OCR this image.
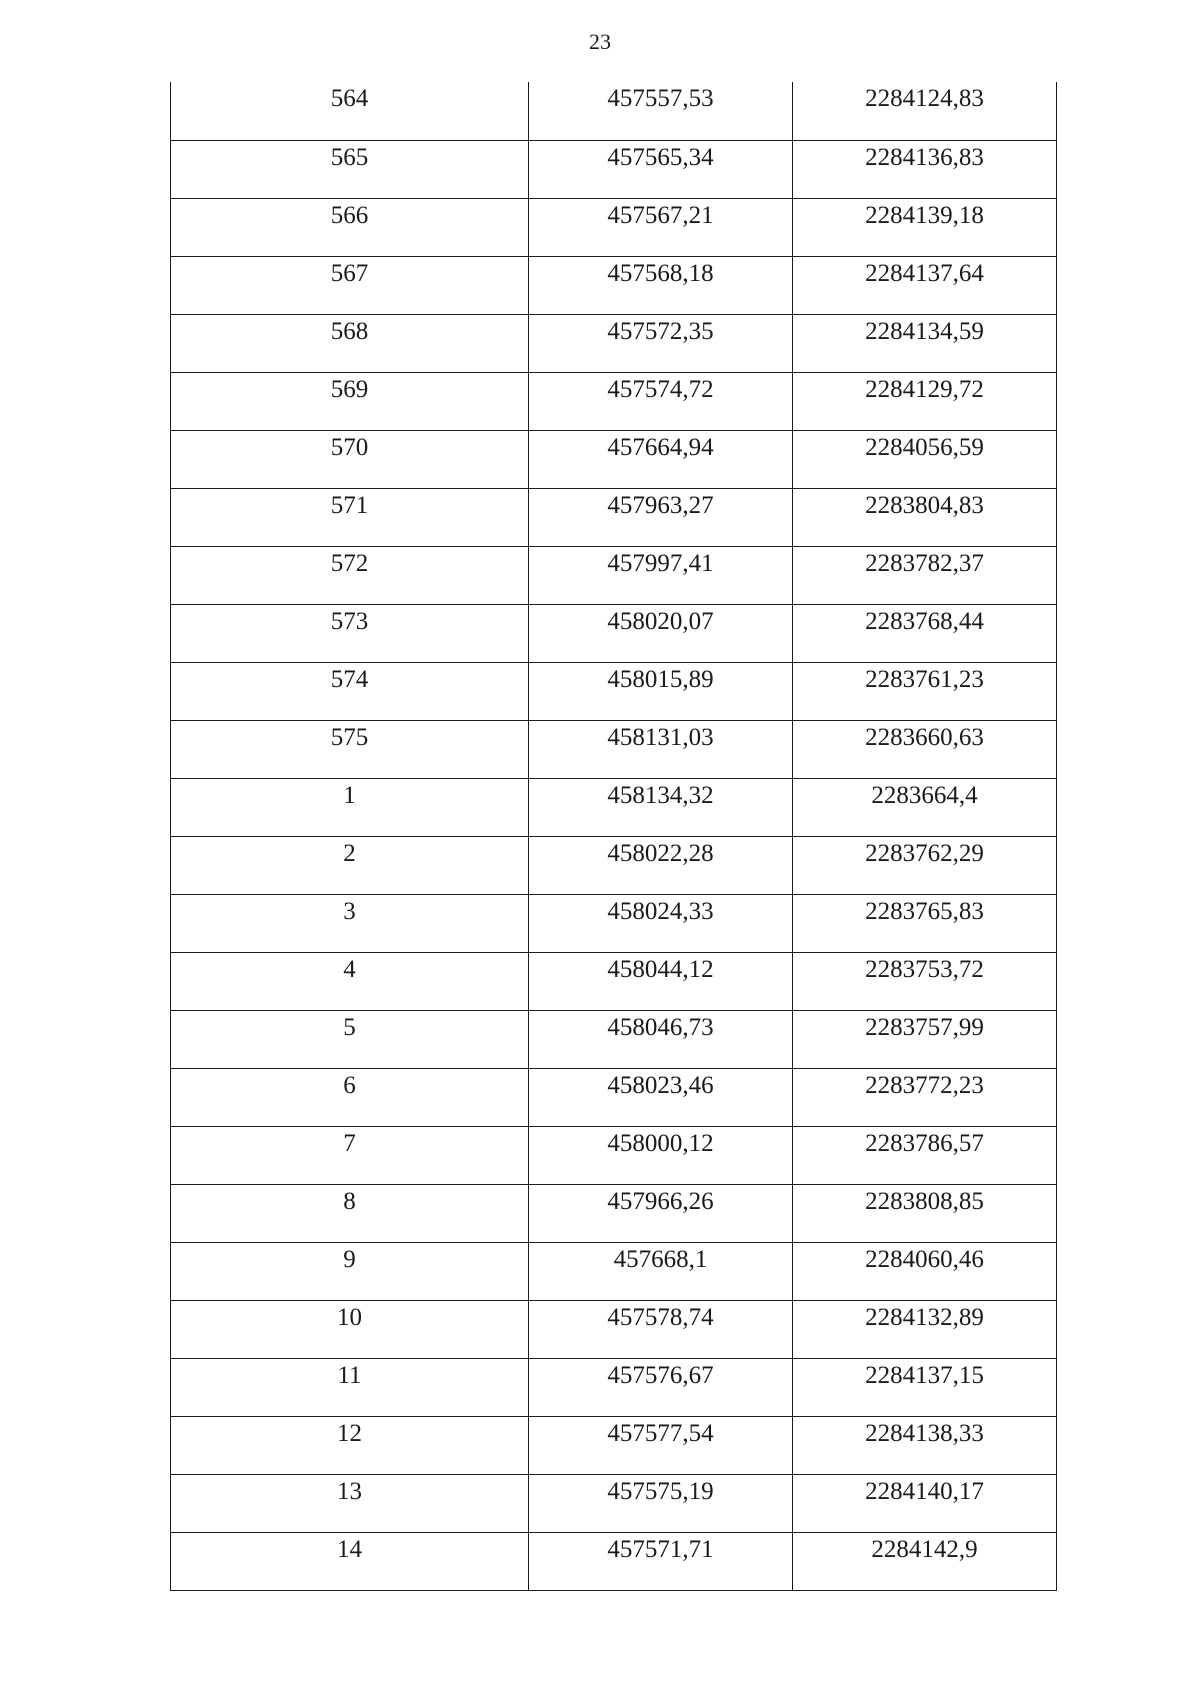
23
564	457557,53	2284124,83

565	457565,34	2284136,83

566	457567,21	2284139,18

567	457568,18	2284137,64

568	457572,35	2284134,59

569	457574,72	2284129,72

570	457664,94	2284056,59

571	457963,27	2283804,83

572	457997,41	2283782,37

573	458020,07	2283768,44

574	458015,89	2283761,23

575	458131,03	2283660,63

1	458134,32	2283664,4

2	458022,28	2283762,29

3	458024,33	2283765,83

4	458044,12	2283753,72

5	458046,73	2283757,99

6	458023,46	2283772,23

7	458000,12	2283786,57

8	457966,26	2283808,85

9	457668,1	2284060,46

10	457578,74	2284132,89

11	457576,67	2284137,15

12	457577,54	2284138,33

13	457575,19	2284140,17

14	457571,71	2284142,9
